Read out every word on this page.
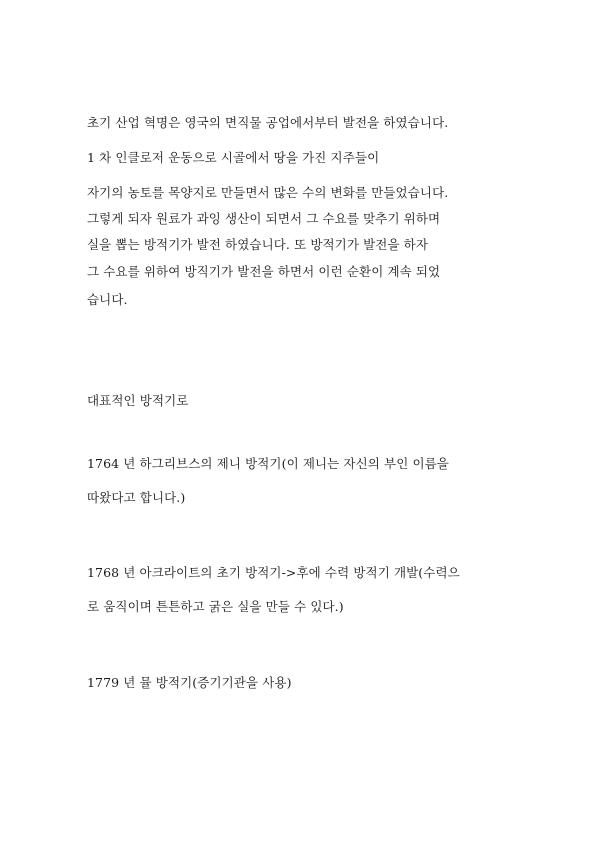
초기 산업 혁명은 영국의 면직물 공업에서부터 발전을 하였습니다.
1 차 인클로저 운동으로 시골에서 땅을 가진 지주들이
자기의 농토를 목양지로 만들면서 많은 수의 변화를 만들었습니다.
그렇게 되자 원료가 과잉 생산이 되면서 그 수요를 맞추기 위하며
실을 뽑는 방적기가 발전 하였습니다. 또 방적기가 발전을 하자
그 수요를 위하여 방직기가 발전을 하면서 이런 순환이 계속 되었
습니다.
대표적인 방적기로
1764 년 하그리브스의 제니 방적기(이 제니는 자신의 부인 이름을
따왔다고 합니다.)
1768 년 아크라이트의 초기 방적기->후에 수력 방적기 개발(수력으
로 움직이며 튼튼하고 굵은 실을 만들 수 있다.)
1779 년 뮬 방적기(증기기관을 사용)
